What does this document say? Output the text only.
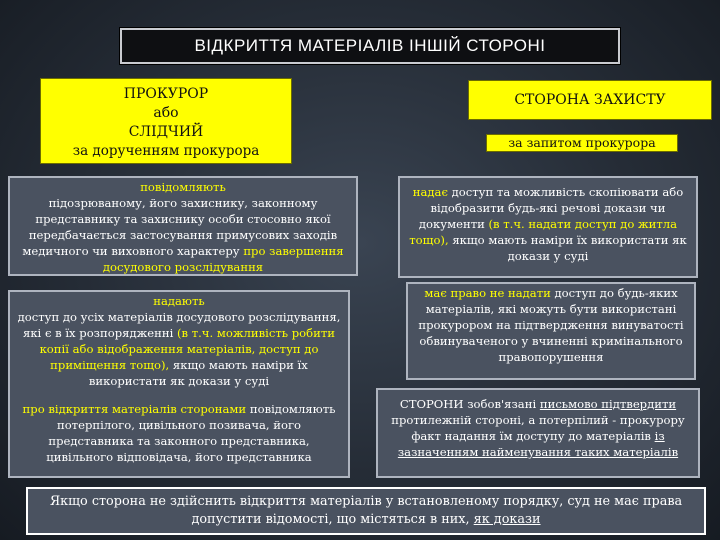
ВІДКРИТТЯ МАТЕРІАЛІВ ІНШІЙ СТОРОНІ
ПРОКУРОР
або
СЛІДЧИЙ
за дорученням прокурора
СТОРОНА ЗАХИСТУ
за запитом прокурора
повідомляють
підозрюваному, його захиснику, законному представнику та захиснику особи стосовно якої передбачається застосування примусових заходів медичного чи виховного характеру про завершення досудового розслідування
надають
доступ до усіх матеріалів досудового розслідування, які є в їх розпорядженні (в т.ч. можливість робити копії або відображення матеріалів, доступ до приміщення тощо), якщо мають наміри їх використати як докази у суді
про відкриття матеріалів сторонами повідомляють потерпілого, цивільного позивача, його представника та законного представника, цивільного відповідача, його представника
надає доступ та можливість скопіювати або відобразити будь-які речові докази чи документи (в т.ч. надати доступ до житла тощо), якщо мають наміри їх використати як докази у суді
має право не надати доступ до будь-яких матеріалів, які можуть бути використані прокурором на підтвердження винуватості обвинуваченого у вчиненні кримінального правопорушення
СТОРОНИ зобов'язані письмово підтвердити протилежній стороні, а потерпілий - прокурору факт надання їм доступу до матеріалів із зазначенням найменування таких матеріалів
Якщо сторона не здійснить відкриття матеріалів у встановленому порядку, суд не має права допустити відомості, що містяться в них, як докази
